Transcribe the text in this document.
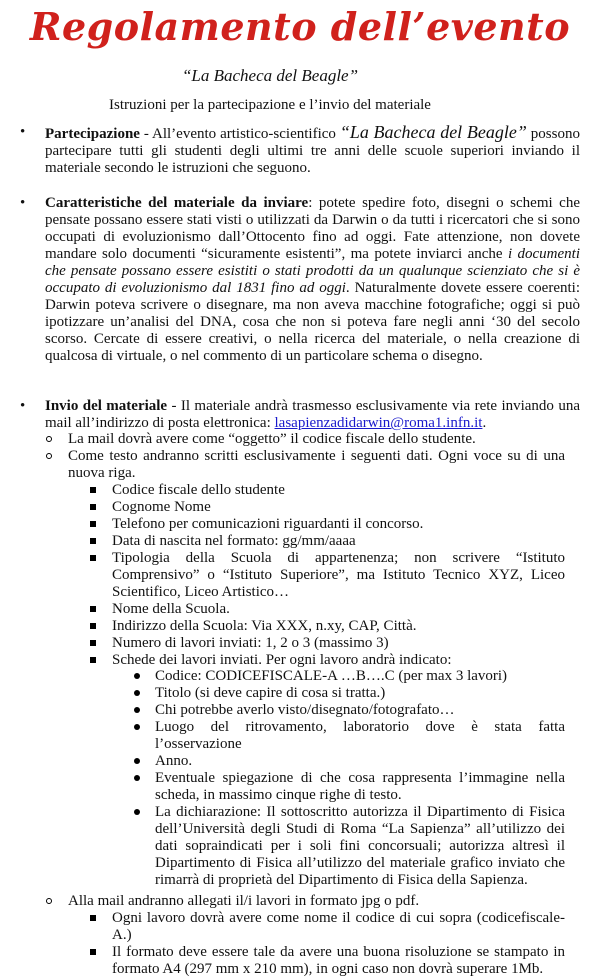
Regolamento dell’evento
“La Bacheca del Beagle”
Istruzioni per la partecipazione e l’invio del materiale
• Partecipazione - All’evento artistico-scientifico “La Bacheca del Beagle” possono partecipare tutti gli studenti degli ultimi tre anni delle scuole superiori inviando il materiale secondo le istruzioni che seguono.
• Caratteristiche del materiale da inviare: potete spedire foto, disegni o schemi che pensate possano essere stati visti o utilizzati da Darwin o da tutti i ricercatori che si sono occupati di evoluzionismo dall’Ottocento fino ad oggi. Fate attenzione, non dovete mandare solo documenti “sicuramente esistenti”, ma potete inviarci anche i documenti che pensate possano essere esistiti o stati prodotti da un qualunque scienziato che si è occupato di evoluzionismo dal 1831 fino ad oggi. Naturalmente dovete essere coerenti: Darwin poteva scrivere o disegnare, ma non aveva macchine fotografiche; oggi si può ipotizzare un’analisi del DNA, cosa che non si poteva fare negli anni ‘30 del secolo scorso. Cercate di essere creativi, o nella ricerca del materiale, o nella creazione di qualcosa di virtuale, o nel commento di un particolare schema o disegno.
• Invio del materiale - Il materiale andrà trasmesso esclusivamente via rete inviando una mail all’indirizzo di posta elettronica: lasapienzadidarwin@roma1.infn.it.
La mail dovrà avere come “oggetto” il codice fiscale dello studente.
Come testo andranno scritti esclusivamente i seguenti dati. Ogni voce su di una nuova riga.
Codice fiscale dello studente
Cognome Nome
Telefono per comunicazioni riguardanti il concorso.
Data di nascita nel formato: gg/mm/aaaa
Tipologia della Scuola di appartenenza; non scrivere “Istituto Comprensivo” o “Istituto Superiore”, ma Istituto Tecnico XYZ, Liceo Scientifico, Liceo Artistico…
Nome della Scuola.
Indirizzo della Scuola: Via XXX, n.xy, CAP, Città.
Numero di lavori inviati: 1, 2 o 3 (massimo 3)
Schede dei lavori inviati. Per ogni lavoro andrà indicato:
Codice: CODICEFISCALE-A …B….C (per max 3 lavori)
Titolo (si deve capire di cosa si tratta.)
Chi potrebbe averlo visto/disegnato/fotografato…
Luogo del ritrovamento, laboratorio dove è stata fatta l’osservazione
Anno.
Eventuale spiegazione di che cosa rappresenta l’immagine nella scheda, in massimo cinque righe di testo.
La dichiarazione: Il sottoscritto autorizza il Dipartimento di Fisica dell’Università degli Studi di Roma “La Sapienza” all’utilizzo dei dati sopraindicati per i soli fini concorsuali; autorizza altresì il Dipartimento di Fisica all’utilizzo del materiale grafico inviato che rimarrà di proprietà del Dipartimento di Fisica della Sapienza.
Alla mail andranno allegati il/i lavori in formato jpg o pdf.
Ogni lavoro dovrà avere come nome il codice di cui sopra (codicefiscale-A.)
Il formato deve essere tale da avere una buona risoluzione se stampato in formato A4 (297 mm x 210 mm), in ogni caso non dovrà superare 1Mb.
